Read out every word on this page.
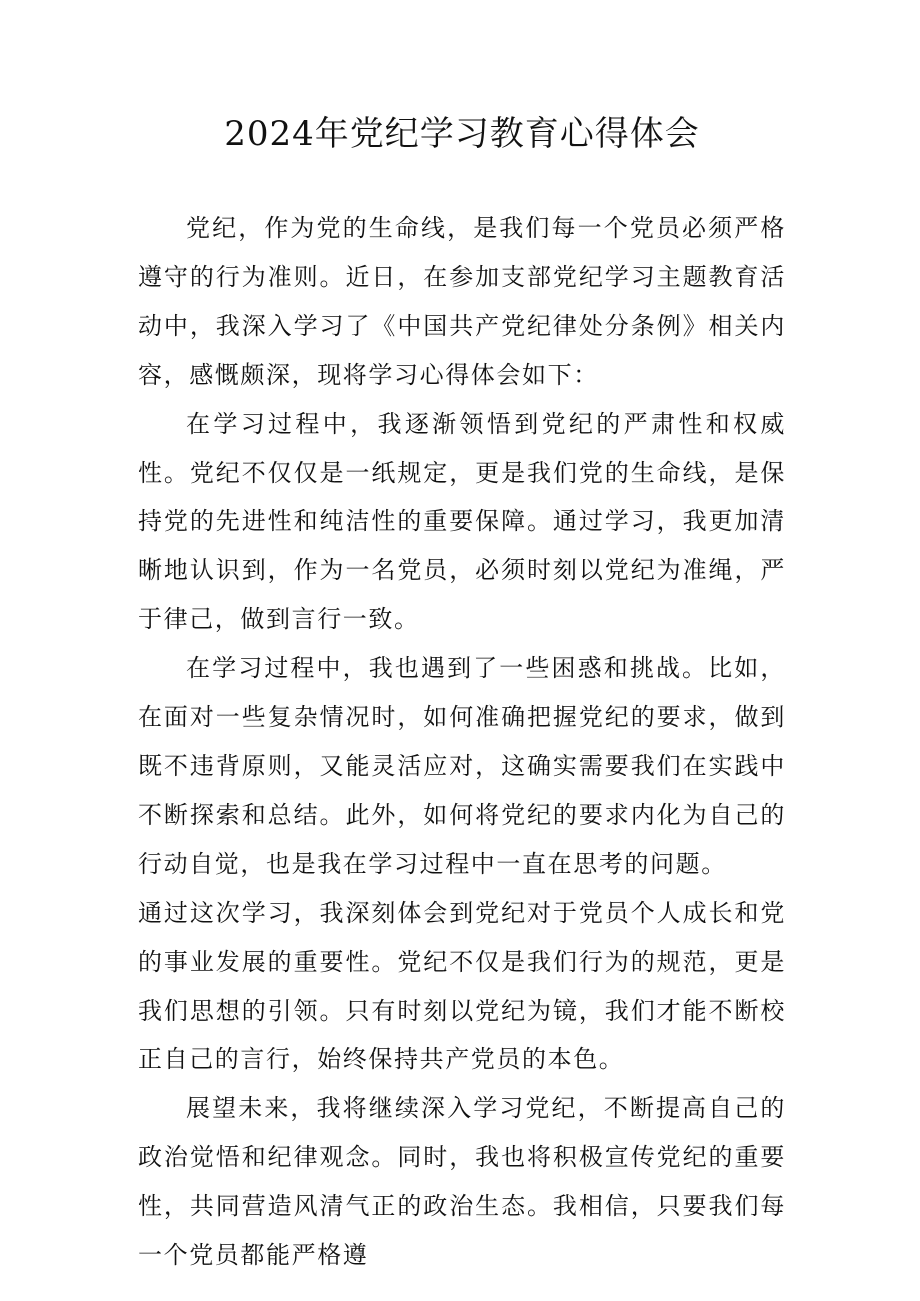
2024年党纪学习教育心得体会

党纪，作为党的生命线，是我们每一个党员必须严格遵守的行为准则。近日，在参加支部党纪学习主题教育活动中，我深入学习了《中国共产党纪律处分条例》相关内容，感慨颇深，现将学习心得体会如下：

在学习过程中，我逐渐领悟到党纪的严肃性和权威性。党纪不仅仅是一纸规定，更是我们党的生命线，是保持党的先进性和纯洁性的重要保障。通过学习，我更加清晰地认识到，作为一名党员，必须时刻以党纪为准绳，严于律己，做到言行一致。

在学习过程中，我也遇到了一些困惑和挑战。比如，在面对一些复杂情况时，如何准确把握党纪的要求，做到既不违背原则，又能灵活应对，这确实需要我们在实践中不断探索和总结。此外，如何将党纪的要求内化为自己的行动自觉，也是我在学习过程中一直在思考的问题。

通过这次学习，我深刻体会到党纪对于党员个人成长和党的事业发展的重要性。党纪不仅是我们行为的规范，更是我们思想的引领。只有时刻以党纪为镜，我们才能不断校正自己的言行，始终保持共产党员的本色。

展望未来，我将继续深入学习党纪，不断提高自己的政治觉悟和纪律观念。同时，我也将积极宣传党纪的重要性，共同营造风清气正的政治生态。我相信，只要我们每一个党员都能严格遵
